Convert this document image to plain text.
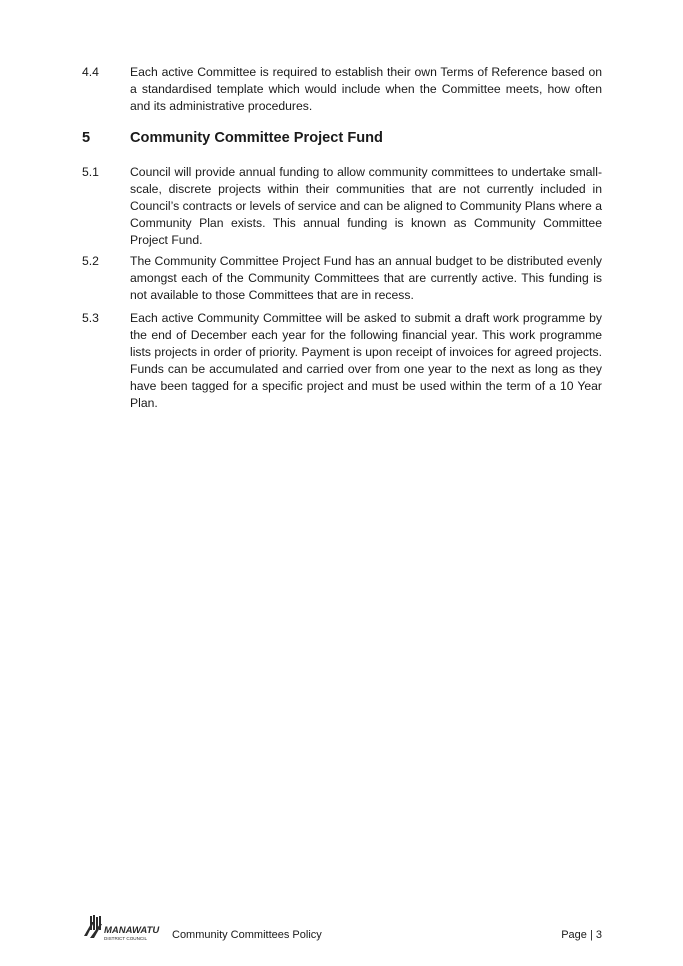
4.4	Each active Committee is required to establish their own Terms of Reference based on a standardised template which would include when the Committee meets, how often and its administrative procedures.
5	Community Committee Project Fund
5.1	Council will provide annual funding to allow community committees to undertake small-scale, discrete projects within their communities that are not currently included in Council’s contracts or levels of service and can be aligned to Community Plans where a Community Plan exists. This annual funding is known as Community Committee Project Fund.
5.2	The Community Committee Project Fund has an annual budget to be distributed evenly amongst each of the Community Committees that are currently active. This funding is not available to those Committees that are in recess.
5.3	Each active Community Committee will be asked to submit a draft work programme by the end of December each year for the following financial year. This work programme lists projects in order of priority. Payment is upon receipt of invoices for agreed projects. Funds can be accumulated and carried over from one year to the next as long as they have been tagged for a specific project and must be used within the term of a 10 Year Plan.
MANAWATU
DISTRICT COUNCIL Community Committees Policy	Page | 3
